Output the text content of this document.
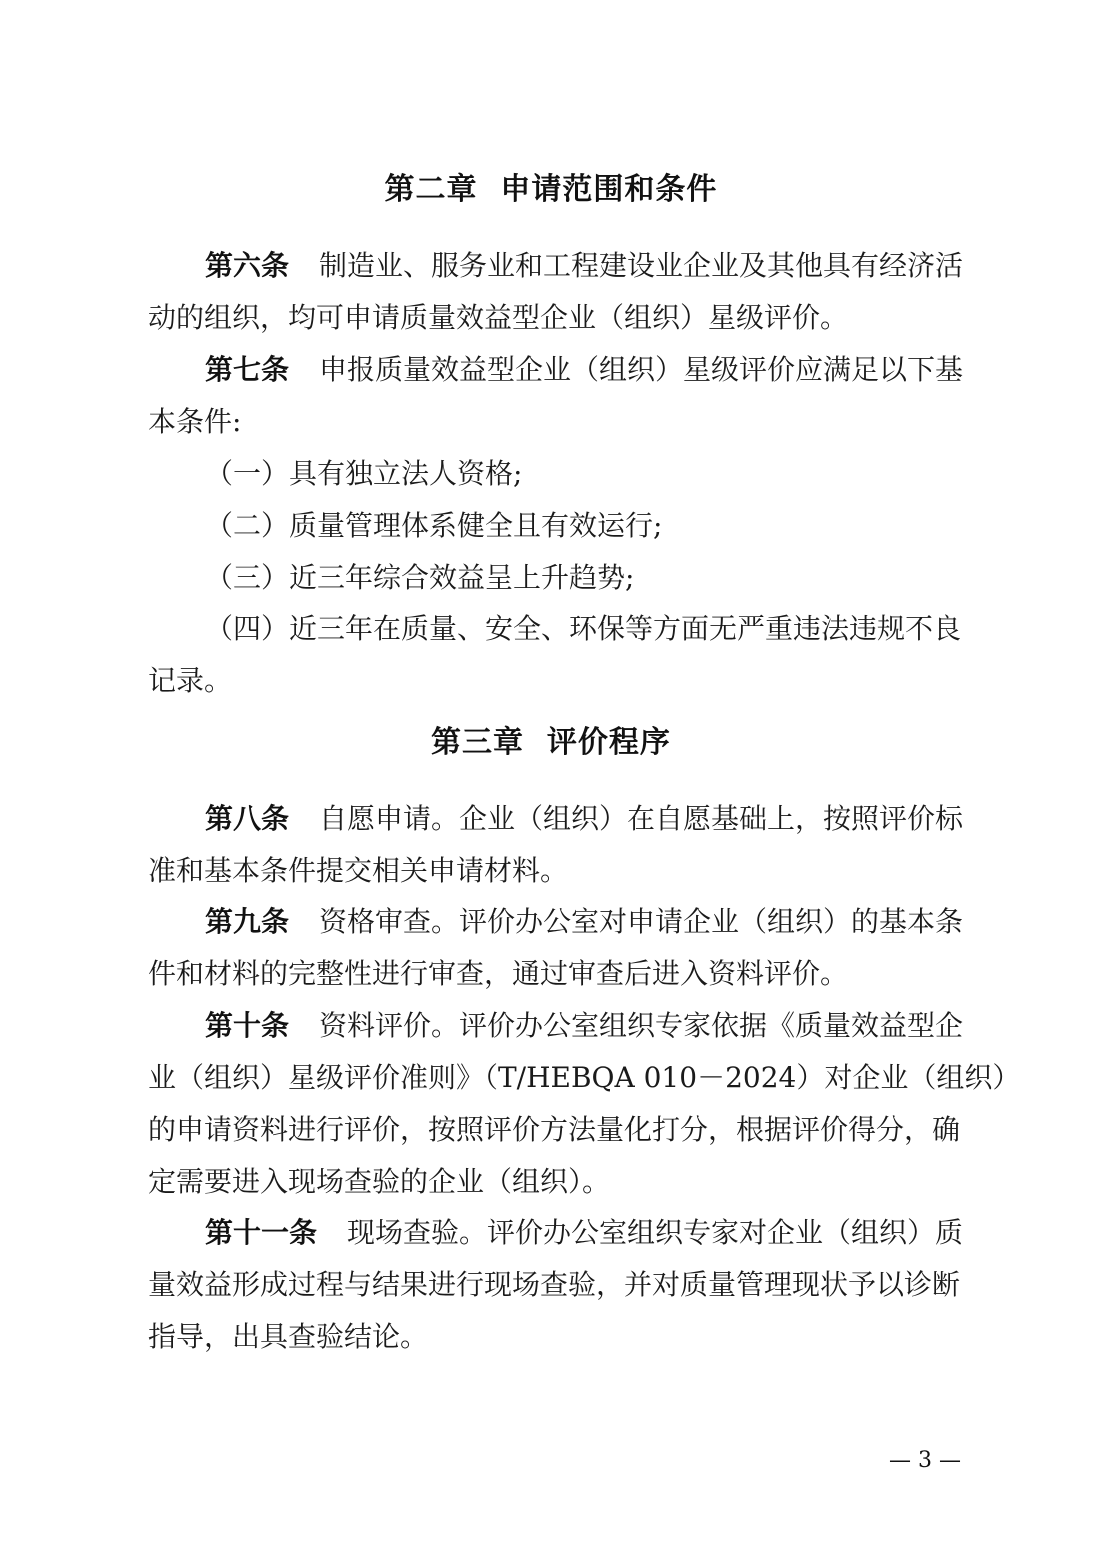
第二章  申请范围和条件
第六条 制造业、服务业和工程建设业企业及其他具有经济活
动的组织，均可申请质量效益型企业（组织）星级评价。
第七条 申报质量效益型企业（组织）星级评价应满足以下基
本条件:
（一）具有独立法人资格;
（二）质量管理体系健全且有效运行;
（三）近三年综合效益呈上升趋势;
（四）近三年在质量、安全、环保等方面无严重违法违规不良
记录。
第三章  评价程序
第八条 自愿申请。企业（组织）在自愿基础上，按照评价标
准和基本条件提交相关申请材料。
第九条 资格审查。评价办公室对申请企业（组织）的基本条
件和材料的完整性进行审查，通过审查后进入资料评价。
第十条 资料评价。评价办公室组织专家依据《质量效益型企
业（组织）星级评价准则》（T/HEBQA 010－2024）对企业（组织）
的申请资料进行评价，按照评价方法量化打分，根据评价得分，确
定需要进入现场查验的企业（组织）。
第十一条 现场查验。评价办公室组织专家对企业（组织）质
量效益形成过程与结果进行现场查验，并对质量管理现状予以诊断
指导，出具查验结论。
— 3 —
